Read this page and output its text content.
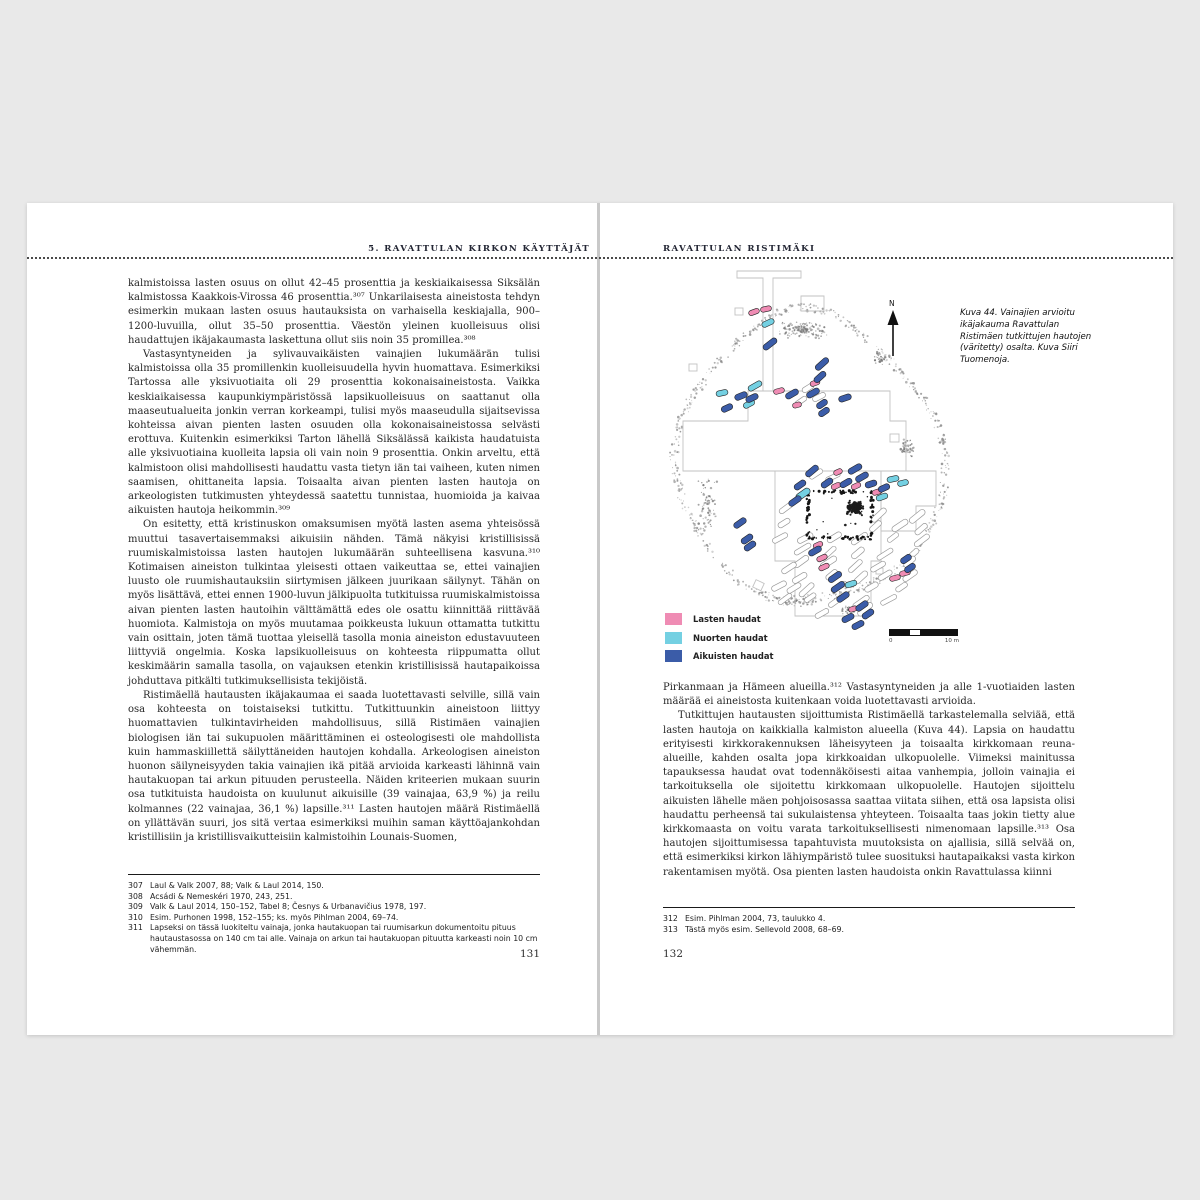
5. RAVATTULAN KIRKON KÄYTTÄJÄT	RAVATTULAN RISTIMÄKI

kalmistoissa lasten osuus on ollut 42–45 prosenttia ja keskiaikaisessa Siksälän kalmistossa Kaakkois-Virossa 46 prosenttia.³⁰⁷ Unkarilaisesta aineistosta tehdyn esimerkin mukaan lasten osuus hautauksista on varhaisella keskiajalla, 900–1200-luvuilla, ollut 35–50 prosenttia. Väestön yleinen kuolleisuus olisi haudattujen ikäjakaumasta laskettuna ollut siis noin 35 promillea.³⁰⁸

Vastasyntyneiden ja sylivauvaikäisten vainajien lukumäärän tulisi kalmistoissa olla 35 promillenkin kuolleisuudella hyvin huomattava. Esimerkiksi Tartossa alle yksivuotiaita oli 29 prosenttia kokonaisaineistosta. Vaikka keskiaikaisessa kaupunkiympäristössä lapsikuolleisuus on saattanut olla maaseutualueita jonkin verran korkeampi, tulisi myös maaseudulla sijaitsevissa kohteissa aivan pienten lasten osuuden olla kokonaisaineistossa selvästi erottuva. Kuitenkin esimerkiksi Tarton lähellä Siksälässä kaikista haudatuista alle yksivuotiaina kuolleita lapsia oli vain noin 9 prosenttia. Onkin arveltu, että kalmistoon olisi mahdollisesti haudattu vasta tietyn iän tai vaiheen, kuten nimen saamisen, ohittaneita lapsia. Toisaalta aivan pienten lasten hautoja on arkeologisten tutkimusten yhteydessä saatettu tunnistaa, huomioida ja kaivaa aikuisten hautoja heikommin.³⁰⁹

On esitetty, että kristinuskon omaksumisen myötä lasten asema yhteisössä muuttui tasavertaisemmaksi aikuisiin nähden. Tämä näkyisi kristillisissä ruumiskalmistoissa lasten hautojen lukumäärän suhteellisena kasvuna.³¹⁰ Kotimaisen aineiston tulkintaa yleisesti ottaen vaikeuttaa se, ettei vainajien luusto ole ruumishautauksiin siirtymisen jälkeen juurikaan säilynyt. Tähän on myös lisättävä, ettei ennen 1900-luvun jälkipuolta tutkituissa ruumiskalmistoissa aivan pienten lasten hautoihin välttämättä edes ole osattu kiinnittää riittävää huomiota. Kalmistoja on myös muutamaa poikkeusta lukuun ottamatta tutkittu vain osittain, joten tämä tuottaa yleisellä tasolla monia aineiston edustavuuteen liittyviä ongelmia. Koska lapsikuolleisuus on kohteesta riippumatta ollut keskimäärin samalla tasolla, on vajauksen etenkin kristillisissä hautapaikoissa johduttava pitkälti tutkimuksellisista tekijöistä.

Ristimäellä hautausten ikäjakaumaa ei saada luotettavasti selville, sillä vain osa kohteesta on toistaiseksi tutkittu. Tutkittuunkin aineistoon liittyy huomattavien tulkintavirheiden mahdollisuus, sillä Ristimäen vainajien biologisen iän tai sukupuolen määrittäminen ei osteologisesti ole mahdollista kuin hammaskiillettä säilyttäneiden hautojen kohdalla. Arkeologisen aineiston huonon säilyneisyyden takia vainajien ikä pitää arvioida karkeasti lähinnä vain hautakuopan tai arkun pituuden perusteella. Näiden kriteerien mukaan suurin osa tutkituista haudoista on kuulunut aikuisille (39 vainajaa, 63,9 %) ja reilu kolmannes (22 vainajaa, 36,1 %) lapsille.³¹¹ Lasten hautojen määrä Ristimäellä on yllättävän suuri, jos sitä vertaa esimerkiksi muihin saman käyttöajankohdan kristillisiin ja kristillisvaikutteisiin kalmistoihin Lounais-Suomen,

307 Laul & Valk 2007, 88; Valk & Laul 2014, 150.
308 Acsádi & Nemeskéri 1970, 243, 251.
309 Valk & Laul 2014, 150–152, Tabel 8; Česnys & Urbanavičius 1978, 197.
310 Esim. Purhonen 1998, 152–155; ks. myös Pihlman 2004, 69–74.
311 Lapseksi on tässä luokiteltu vainaja, jonka hautakuopan tai ruumisarkun dokumentoitu pituus hautaustasossa on 140 cm tai alle. Vainaja on arkun tai hautakuopan pituutta karkeasti noin 10 cm vähemmän.	131
N
Kuva 44. Vainajien arvioitu ikäjakauma Ravattulan Ristimäen tutkittujen hautojen (väritetty) osalta. Kuva Siiri Tuomenoja.
Lasten haudat
Nuorten haudat
Aikuisten haudat
0	10 m

Pirkanmaan ja Hämeen alueilla.³¹² Vastasyntyneiden ja alle 1-vuotiaiden lasten määrää ei aineistosta kuitenkaan voida luotettavasti arvioida.

Tutkittujen hautausten sijoittumista Ristimäellä tarkastelemalla selviää, että lasten hautoja on kaikkialla kalmiston alueella (Kuva 44). Lapsia on haudattu erityisesti kirkkorakennuksen läheisyyteen ja toisaalta kirkkomaan reuna-alueille, kahden osalta jopa kirkkoaidan ulkopuolelle. Viimeksi mainitussa tapauksessa haudat ovat todennäköisesti aitaa vanhempia, jolloin vainajia ei tarkoituksella ole sijoitettu kirkkomaan ulkopuolelle. Hautojen sijoittelu aikuisten lähelle mäen pohjoisosassa saattaa viitata siihen, että osa lapsista olisi haudattu perheensä tai sukulaistensa yhteyteen. Toisaalta taas jokin tietty alue kirkkomaasta on voitu varata tarkoituksellisesti nimenomaan lapsille.³¹³ Osa hautojen sijoittumisessa tapahtuvista muutoksista on ajallisia, sillä selvää on, että esimerkiksi kirkon lähiympäristö tulee suosituksi hautapaikaksi vasta kirkon rakentamisen myötä. Osa pienten lasten haudoista onkin Ravattulassa kiinni

312 Esim. Pihlman 2004, 73, taulukko 4.
313 Tästä myös esim. Sellevold 2008, 68–69.
132
